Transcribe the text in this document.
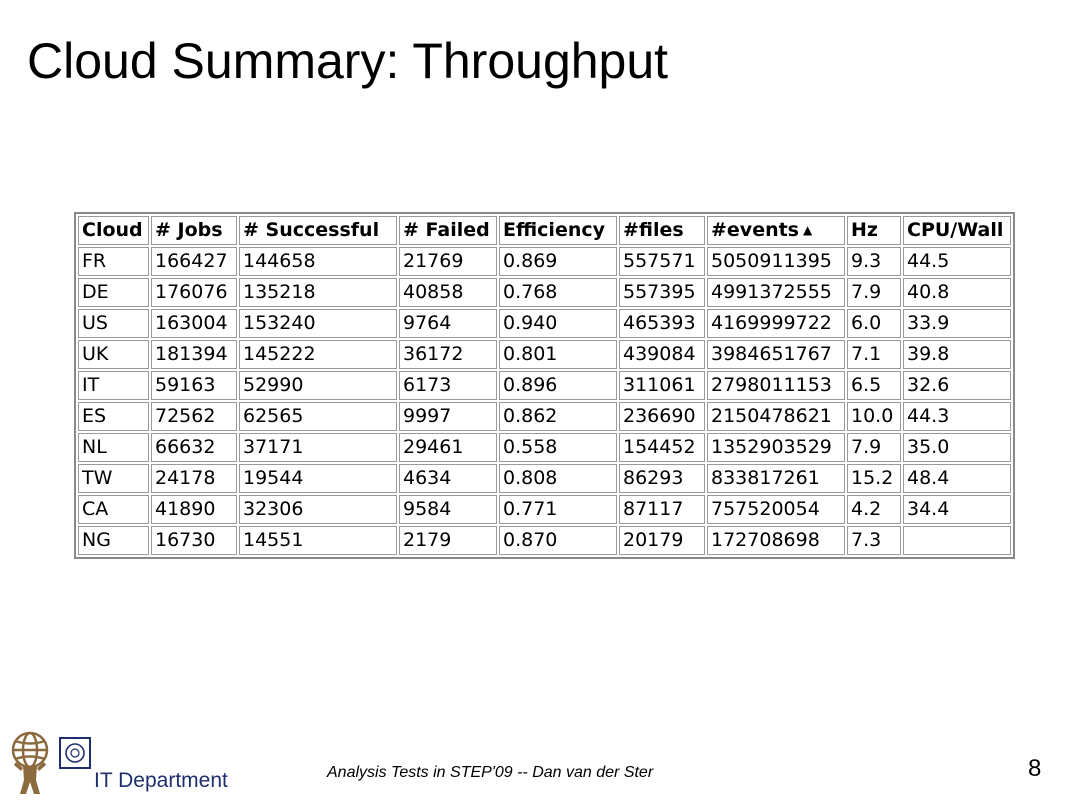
Cloud Summary: Throughput
Cloud	# Jobs	# Successful	# Failed	Efficiency	#files	#events ▲	Hz	CPU/Wall
FR	166427	144658	21769	0.869	557571	5050911395	9.3	44.5
DE	176076	135218	40858	0.768	557395	4991372555	7.9	40.8
US	163004	153240	9764	0.940	465393	4169999722	6.0	33.9
UK	181394	145222	36172	0.801	439084	3984651767	7.1	39.8
IT	59163	52990	6173	0.896	311061	2798011153	6.5	32.6
ES	72562	62565	9997	0.862	236690	2150478621	10.0	44.3
NL	66632	37171	29461	0.558	154452	1352903529	7.9	35.0
TW	24178	19544	4634	0.808	86293	833817261	15.2	48.4
CA	41890	32306	9584	0.771	87117	757520054	4.2	34.4
NG	16730	14551	2179	0.870	20179	172708698	7.3	
IT Department	Analysis Tests in STEP'09 -- Dan van der Ster	8
